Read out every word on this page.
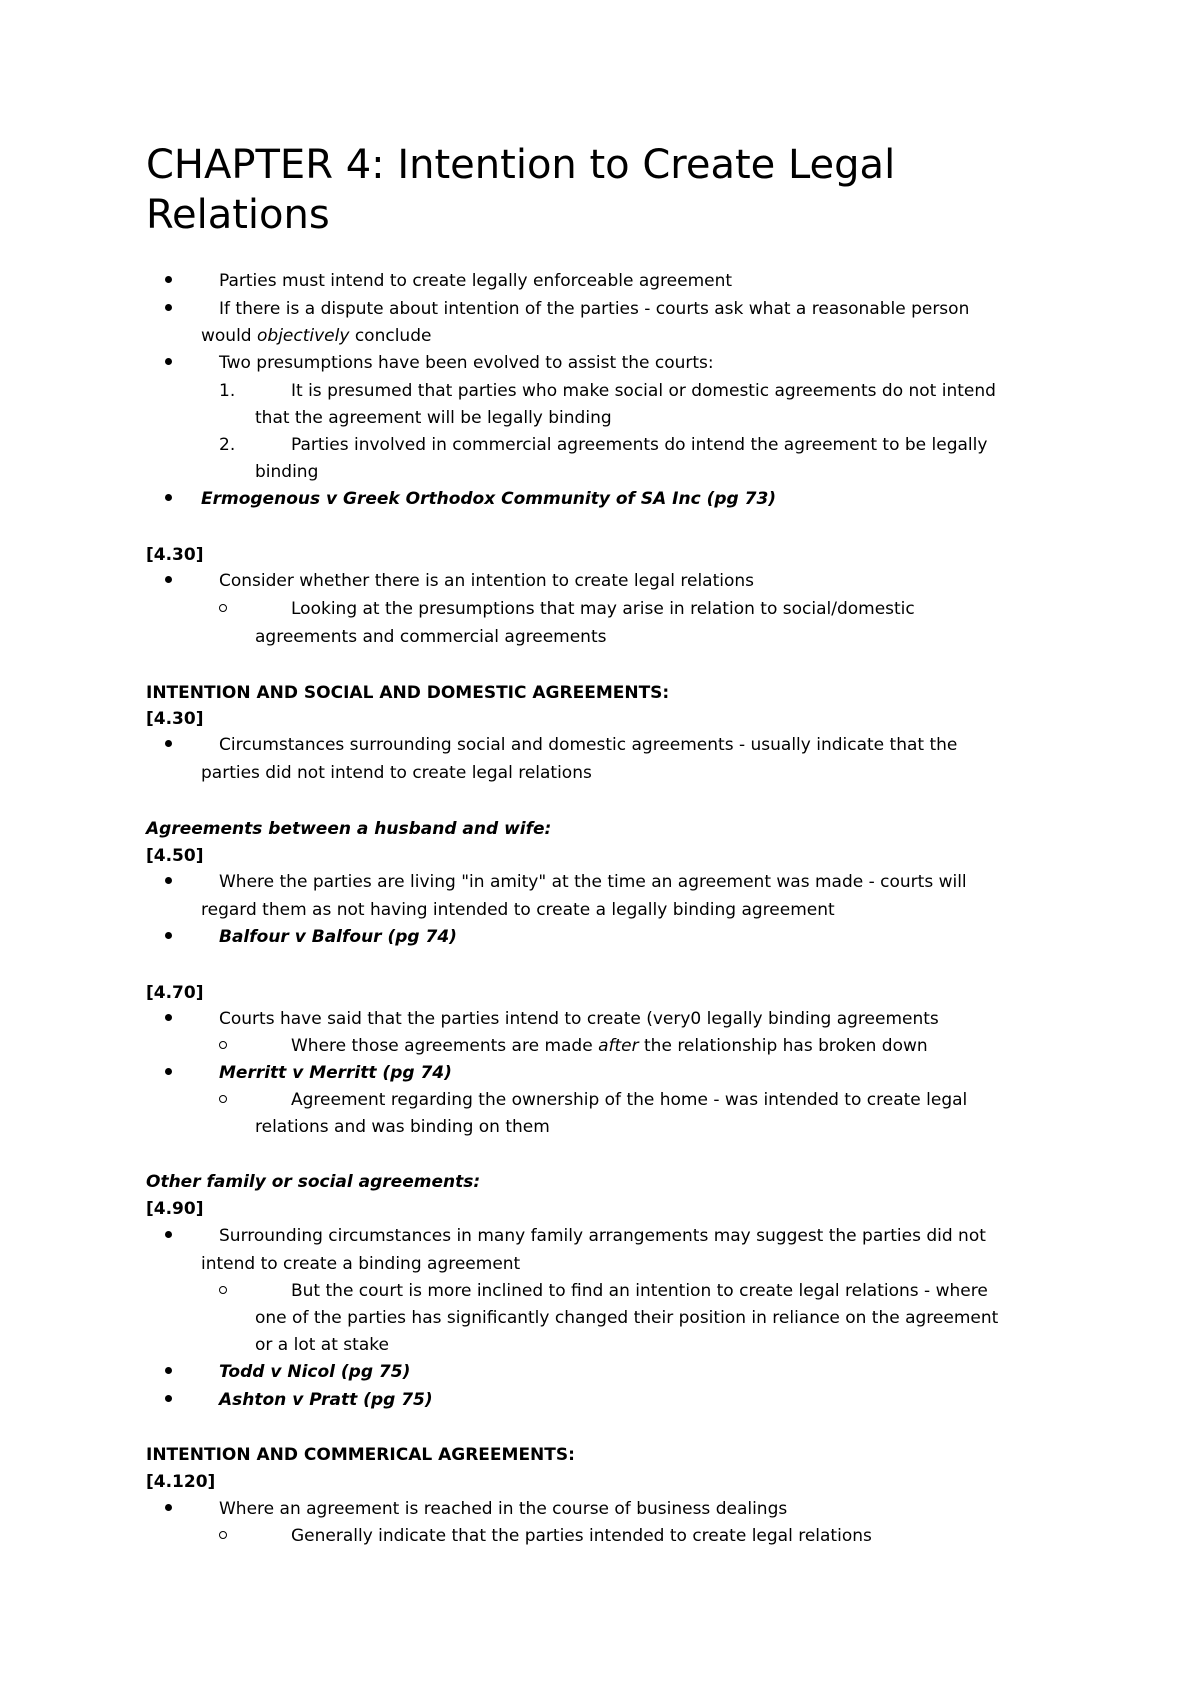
CHAPTER 4: Intention to Create Legal Relations
Parties must intend to create legally enforceable agreement
If there is a dispute about intention of the parties - courts ask what a reasonable person
would objectively conclude
Two presumptions have been evolved to assist the courts:
1.	It is presumed that parties who make social or domestic agreements do not intend
that the agreement will be legally binding
2.	Parties involved in commercial agreements do intend the agreement to be legally
binding
Ermogenous v Greek Orthodox Community of SA Inc (pg 73)
[4.30]
Consider whether there is an intention to create legal relations
Looking at the presumptions that may arise in relation to social/domestic
agreements and commercial agreements
INTENTION AND SOCIAL AND DOMESTIC AGREEMENTS:
[4.30]
Circumstances surrounding social and domestic agreements - usually indicate that the
parties did not intend to create legal relations
Agreements between a husband and wife:
[4.50]
Where the parties are living "in amity" at the time an agreement was made - courts will
regard them as not having intended to create a legally binding agreement
Balfour v Balfour (pg 74)
[4.70]
Courts have said that the parties intend to create (very0 legally binding agreements
Where those agreements are made after the relationship has broken down
Merritt v Merritt (pg 74)
Agreement regarding the ownership of the home - was intended to create legal
relations and was binding on them
Other family or social agreements:
[4.90]
Surrounding circumstances in many family arrangements may suggest the parties did not
intend to create a binding agreement
But the court is more inclined to find an intention to create legal relations - where
one of the parties has significantly changed their position in reliance on the agreement
or a lot at stake
Todd v Nicol (pg 75)
Ashton v Pratt (pg 75)
INTENTION AND COMMERICAL AGREEMENTS:
[4.120]
Where an agreement is reached in the course of business dealings
Generally indicate that the parties intended to create legal relations
